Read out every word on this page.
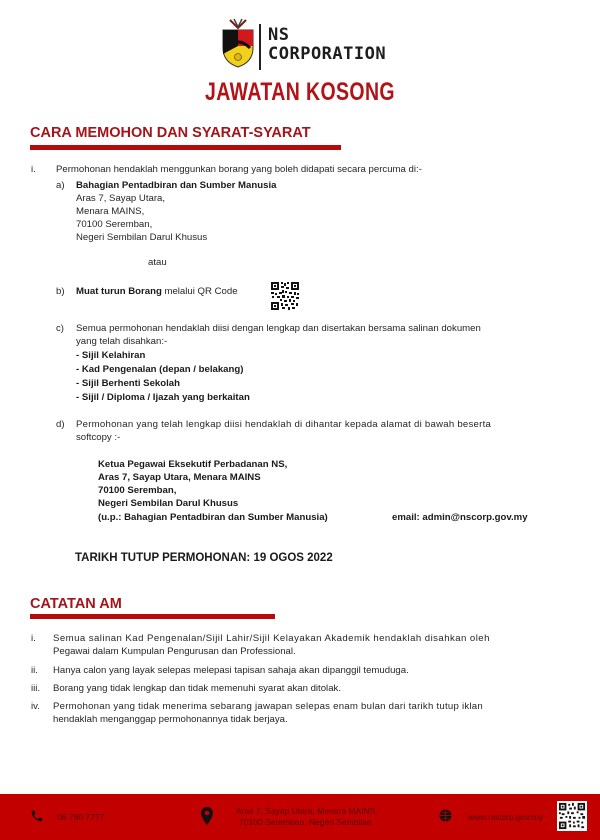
NS
CORPORATION
JAWATAN KOSONG
CARA MEMOHON DAN SYARAT-SYARAT
i. Permohonan hendaklah menggunkan borang yang boleh didapati secara percuma di:-
a) Bahagian Pentadbiran dan Sumber Manusia
Aras 7, Sayap Utara,
Menara MAINS,
70100 Seremban,
Negeri Sembilan Darul Khusus
atau
b) Muat turun Borang melalui QR Code
c) Semua permohonan hendaklah diisi dengan lengkap dan disertakan bersama salinan dokumen
yang telah disahkan:-
- Sijil Kelahiran
- Kad Pengenalan (depan / belakang)
- Sijil Berhenti Sekolah
- Sijil / Diploma / Ijazah yang berkaitan
d) Permohonan yang telah lengkap diisi hendaklah di dihantar kepada alamat di bawah beserta
softcopy :-
Ketua Pegawai Eksekutif Perbadanan NS,
Aras 7, Sayap Utara, Menara MAINS
70100 Seremban,
Negeri Sembilan Darul Khusus
(u.p.: Bahagian Pentadbiran dan Sumber Manusia)	email: admin@nscorp.gov.my
TARIKH TUTUP PERMOHONAN: 19 OGOS 2022
CATATAN AM
i. Semua salinan Kad Pengenalan/Sijil Lahir/Sijil Kelayakan Akademik hendaklah disahkan oleh
Pegawai dalam Kumpulan Pengurusan dan Professional.
ii. Hanya calon yang layak selepas melepasi tapisan sahaja akan dipanggil temuduga.
iii. Borang yang tidak lengkap dan tidak memenuhi syarat akan ditolak.
iv. Permohonan yang tidak menerima sebarang jawapan selepas enam bulan dari tarikh tutup iklan
hendaklah menganggap permohonannya tidak berjaya.
06 760 7777
Aras 7, Sayap Utara, Menara MAINS,
70100 Seremban, Negeri Sembilan	www.nscorp.gov.my
